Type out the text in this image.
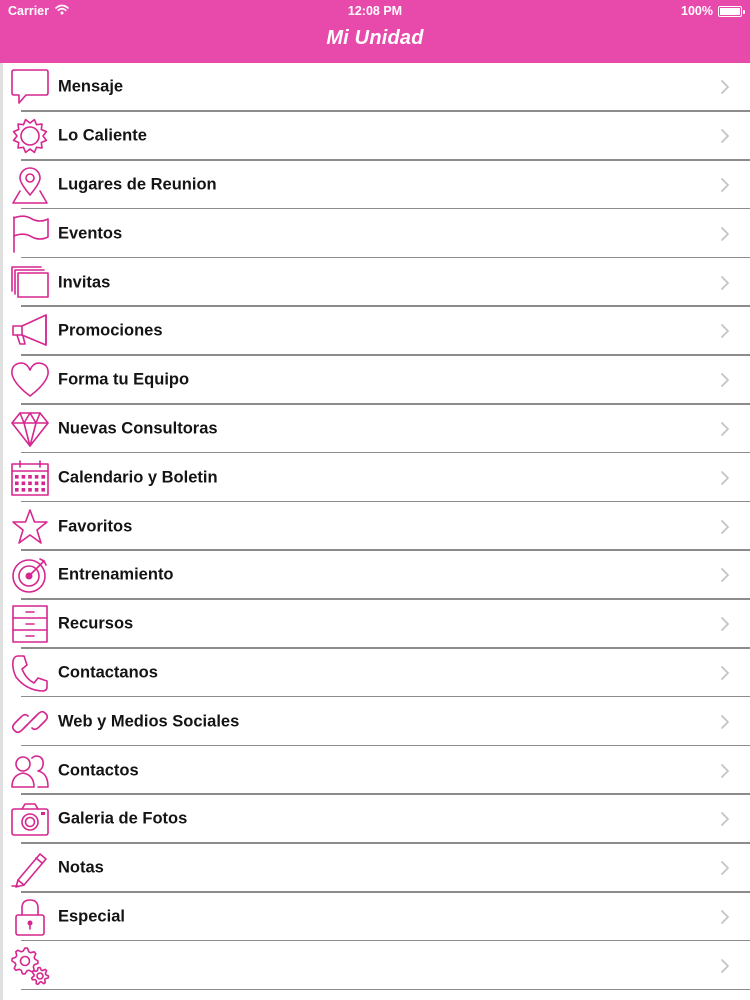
Carrier	12:08 PM	100%
Mi Unidad
Mensaje
Lo Caliente
Lugares de Reunion
Eventos
Invitas
Promociones
Forma tu Equipo
Nuevas Consultoras
Calendario y Boletin
Favoritos
Entrenamiento
Recursos
Contactanos
Web y Medios Sociales
Contactos
Galeria de Fotos
Notas
Especial
